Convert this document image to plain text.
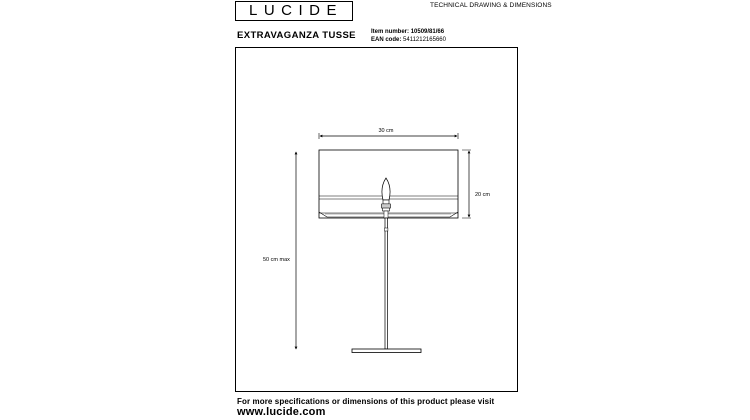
LUCIDE	TECHNICAL DRAWING & DIMENSIONS
EXTRAVAGANZA TUSSE	Item number: 10509/81/66
EAN code: 5411212165660
30 cm
20 cm
50 cm max
For more specifications or dimensions of this product please visit
www.lucide.com
